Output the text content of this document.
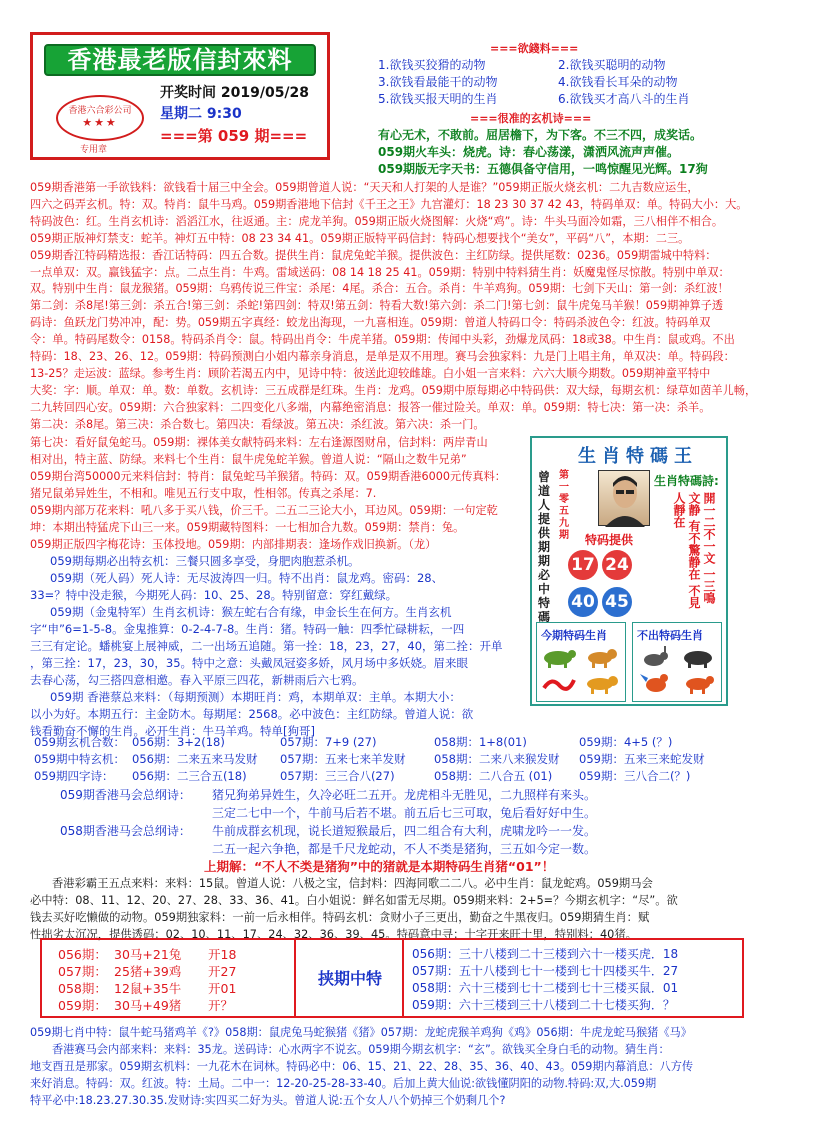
香港最老版信封來料
香港六合彩公司
★★★
专用章
开奖时间 2019/05/28
星期二 9:30
===第 059 期===
===欲錢料===
1.欲钱买狡猾的动物	2.欲钱买聪明的动物
3.欲钱看最能干的动物	4.欲钱看长耳朵的动物
5.欲钱买报天明的生肖	6.欲钱买才高八斗的生肖
===很准的玄机诗===
有心无术，不敢前。屈居檐下，为下客。不三不四，成奖话。
059期火车头：烧虎。诗：春心荡漾，潇洒风流声声催。
059期版无字天书：五德俱备守信用，一鸣惊醒见光辉。17狗
059期香港第一手欲钱料：欲钱看十届三中全会。059期曾道人说：“天天和人打架的人是谁？”059期正版火烧玄机：二九吉数应运生，
四六之码弄玄机。特：双。特肖：鼠牛马鸡。059期香港地下信封《千王之王》九宫灌灯：18 23 30 37 42 43，特码单双：单。特码大小：大。
特码波色：红。生肖玄机诗：滔滔江水，往返通。主：虎龙羊狗。059期正版火烧图解：火烧“鸡”。诗：牛头马面冷如霜，三八相伴不相合。
059期正版神灯禁支：蛇羊。神灯五中特：08 23 34 41。059期正版特平码信封：特码心想要找个“美女”，平码“八”，本期：二三。
059期香江特码精选报：香江话特码：四五合数。提供生肖：鼠虎兔蛇羊猴。提供波色：主红防绿。提供尾数：0236。059期雷城中特料：
一点单双：双。赢钱猛字：点。二点生肖：牛鸡。雷域送码：08 14 18 25 41。059期：特别中特料猜生肖：妖魔鬼怪尽惊散。特别中单双：
双。特别中生肖：鼠龙猴猪。059期：乌鸦传说三件宝：杀尾：4尾。杀合：五合。杀肖：牛羊鸡狗。059期：七剑下天山：第一剑：杀红波！
第二剑：杀8尾!第三剑：杀五合!第三剑：杀蛇!第四剑：特双!第五剑：特看大数!第六剑：杀二门!第七剑：鼠牛虎兔马羊猴！059期神算子透
码诗：鱼跃龙门势冲冲，配：势。059期五字真经：蛟龙出海现，一九喜相连。059期：曾道人特码口令：特码杀波色令：红波。特码单双
令：单。特码尾数令：0158。特码杀肖令：鼠。特码出肖令：牛虎羊猪。059期：传闻中头彩，劲爆龙凤码：18或38。中生肖：鼠或鸡。不出
特码：18、23、26、12。059期：特码预测白小姐内幕亲身消息，是单是双不用理。赛马会独家料：九是门上唱主角，单双决：单。特码段：
13-25？走运波：蓝绿。参考生肖：顾阶若渴五内中，见诗中特：彼送此迎较雌雄。白小姐一言来料：六六大顺今期数。059期神童平特中
大奖：字：顺。单双：单。数：单数。玄机诗：三五成群是红珠。生肖：龙鸡。059期中原每期必中特码供：双大绿，每期玄机：绿草如茵羊儿畅，
二九转回四心安。059期：六合独家料：二四变化八多端，内幕绝密消息：报答一催过险关。单双：单。059期：特七决：第一决：杀羊。
第二决：杀8尾。第三决：杀合数七。第四决：看绿波。第五决：杀红波。第六决：杀一门。
第七决：看好鼠兔蛇马。059期：裸体美女献特码来料：左右逢源图财帛，信封料：两岸青山
相对出，特主蓝、防绿。来料七个生肖：鼠牛虎兔蛇羊猴。曾道人说：“隔山之数牛兄弟”
059期台湾50000元来料信封：特肖：鼠兔蛇马羊猴猪。特码：双。059期香港6000元传真料：
猪兄鼠弟异姓生，不相和。唯见五行支中取，性相邻。传真之杀尾：7.
059期内部万花来料：吼八多于买八钱，价三千。二五二三论大小，耳边风。059期：一句定乾
坤：本期出特猛虎下山三一来。059期藏特图料：一七相加合九数。059期：禁肖：兔。
059期正版四字梅花诗：玉体投地。059期：内部排期表：逢场作戏旧换新。（龙）
059期每期必出特玄机：三餐只圆多享受，身肥肉胞惹杀机。
059期（死人码）死人诗：无尽波涛四一归。特不出肖：鼠龙鸡。密码：28、
33=？特中没走猴，今期死人码：10、25、28。特别留意：穿红戴绿。
059期（金鬼特军）生肖玄机诗：猴左蛇右合有缘，申金长生在何方。生肖玄机
字“申”6=1-5-8。金鬼推算：0-2-4-7-8。生肖：猪。特码一触：四季忙碌耕耘，一四
三三有定论。蟠桃宴上展神威，二一出场五追随。第一拴：18，23，27，40，第二拴：开单
，第三拴：17，23，30，35。特中之意：头戴凤冠姿多娇，风月场中多妖娆。眉来眼
去春心荡，勾三搭四意相邀。春入平原三四花，新耕雨后六七鸦。
059期 香港蔡总来料：（每期预测）本期旺肖：鸡，本期单双：主单。本期大小：
以小为好。本期五行：主金防木。每期尾：2568。必中波色：主红防绿。曾道人说：欲
钱看勤奋不懈的生肖。必开生肖：牛马羊鸡。特单[狗哥]
生肖特碼王
曾道人提供期期必中特碼
第一零五九期	特码提供
17 24
40 45
生肖特碼詩:
開一二不一文 一三鳴文静 有不驚静在 不見人靜在
今期特码生肖	不出特码生肖
059期玄机合数： 056期：3+2(18)	057期：7+9 (27)	058期：1+8(01)	059期：4+5 (？)
059期中特玄机： 056期：二来五来马发财 057期：五来七来羊发财 058期：二来八来猴发财 059期：五来三来蛇发财
059期四字诗： 056期：二三合五(18)	057期：三三合八(27)	058期：二八合五 (01) 059期：三八合二(？)
059期香港马会总纲诗： 猪兄狗弟异姓生，久冷必旺二五开。龙虎相斗无胜见，二九照样有来头。
三定二七中一个，牛前马后若不堪。前五后七三可取，兔后看好好中生。
058期香港马会总纲诗： 牛前成群玄机现，说长道短猴最后，四二组合有大利，虎啸龙吟一一发。
二五一起六争艳，都是千尺龙蛇动，不人不类是猪狗，三五如今定一数。
上期解：“不人不类是猪狗”中的猪就是本期特码生肖猪“01”！
香港彩霸王五点来料：来料：15鼠。曾道人说：八极之宝，信封料：四海同歌二二八。必中生肖：鼠龙蛇鸡。059期马会
必中特：08、11、12、20、27、28、33、36、41。白小姐说：鲜名如雷无尽期。059期来料：2+5=？今期玄机字：“尽”。欲
钱去买好吃懒做的动物。059期独家料：一前一后永相伴。特码玄机：贪财小子三更出，勤奋之牛黑夜归。059期猜生肖：赋
性拙劣太沉况，提供透码：02、10、11、17、24、32、36、39、45。特码意中寻：十字开来旺十里，特别料：40猪。
056期： 30马+21兔 开18
057期： 25猪+39鸡 开27
058期： 12鼠+35牛 开01
059期： 30马+49猪 开？
挟期中特
056期：三十八楼到二十三楼到六十一楼买虎．18
057期：五十八楼到七十一楼到七十四楼买牛．27
058期：六十三楼到七十二楼到七十三楼买鼠．01
059期：六十三楼到三十八楼到二十七楼买狗．？
059期七肖中特：鼠牛蛇马猪鸡羊《?》058期：鼠虎兔马蛇猴猪《猪》057期：龙蛇虎猴羊鸡狗《鸡》056期：牛虎龙蛇马猴猪《马》
香港赛马会内部来料：来料：35龙。送码诗：心水两字不说玄。059期今期玄机字：“玄”。欲钱买全身白毛的动物。猜生肖：
地支酉丑是那家。059期玄机料：一九花木在词林。特码必中：06、15、21、22、28、35、36、40、43。059期内幕消息：八方传
来好消息。特码：双。红波。特：土局。二中一：12-20-25-28-33-40。后加上黄大仙说:欲钱懂阴阳的动物.特码:双,大.059期
特平必中:18.23.27.30.35.发财诗:实四买二好为头。曾道人说:五个女人八个奶掉三个奶剩几个?
